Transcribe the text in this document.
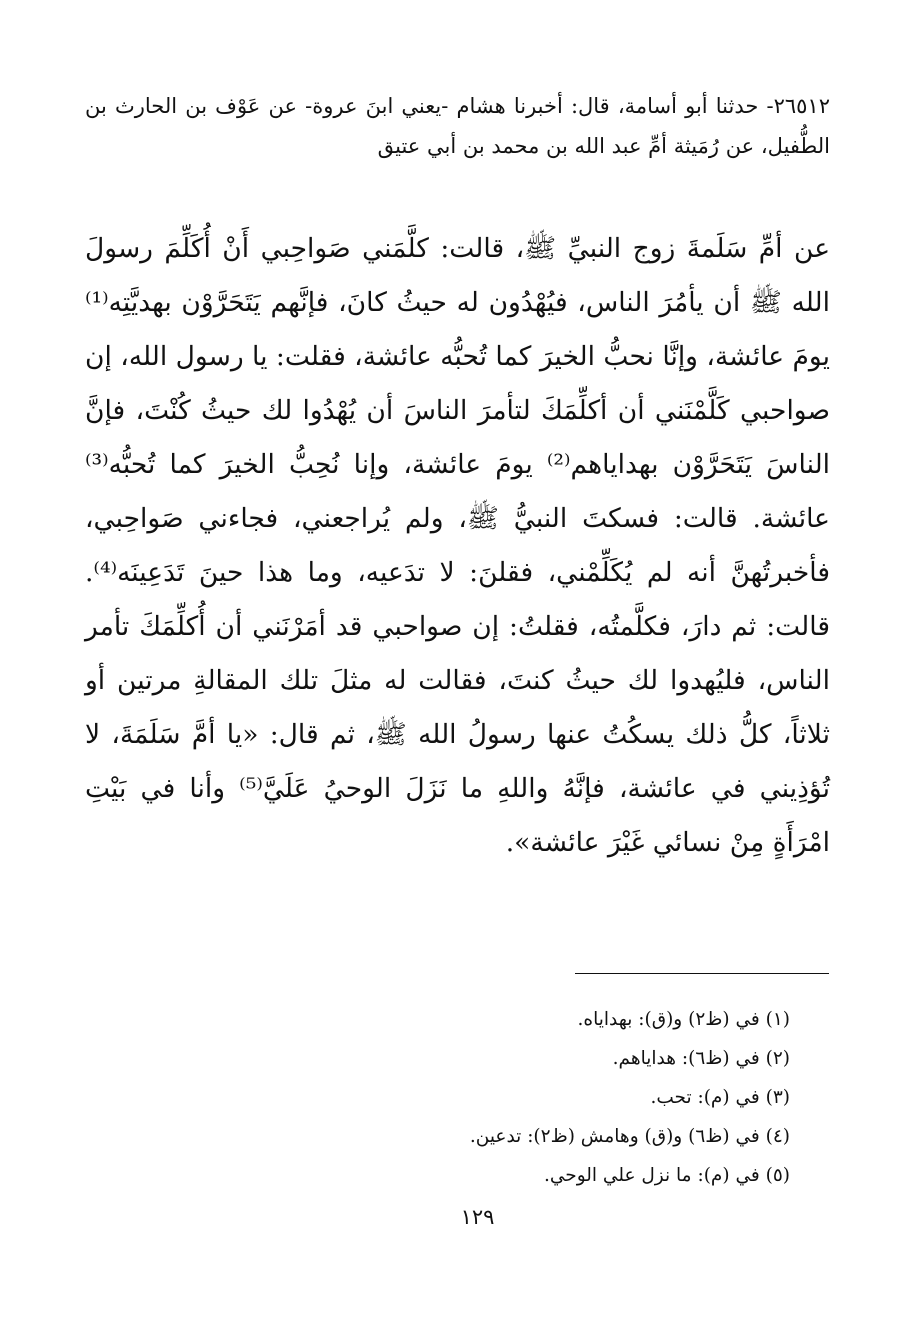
٢٦٥١٢- حدثنا أبو أسامة، قال: أخبرنا هشام -يعني ابنَ عروة- عن عَوْف بن الحارث بن الطُّفيل، عن رُمَيثة أمِّ عبد الله بن محمد بن أبي عتيق

عن أمِّ سَلَمةَ زوج النبيِّ ﷺ، قالت: كلَّمَني صَواحِبي أَنْ أُكَلِّمَ رسولَ الله ﷺ أن يأمُرَ الناس، فيُهْدُون له حيثُ كانَ، فإنَّهم يَتَحَرَّوْن بهديَّتِه⁽¹⁾ يومَ عائشة، وإنَّا نحبُّ الخيرَ كما تُحبُّه عائشة، فقلت: يا رسول الله، إن صواحبي كَلَّمْنَني أن أكلِّمَكَ لتأمرَ الناسَ أن يُهْدُوا لك حيثُ كُنْتَ، فإنَّ الناسَ يَتَحَرَّوْن بهداياهم⁽²⁾ يومَ عائشة، وإنا نُحِبُّ الخيرَ كما تُحبُّه⁽³⁾ عائشة. قالت: فسكتَ النبيُّ ﷺ، ولم يُراجعني، فجاءني صَواحِبي، فأخبرتُهنَّ أنه لم يُكَلِّمْني، فقلنَ: لا تدَعيه، وما هذا حينَ تَدَعِينَه⁽⁴⁾. قالت: ثم دارَ، فكلَّمتُه، فقلتُ: إن صواحبي قد أمَرْنَني أن أُكلِّمَكَ تأمر الناس، فليُهدوا لك حيثُ كنتَ، فقالت له مثلَ تلك المقالةِ مرتين أو ثلاثاً، كلُّ ذلك يسكُتُ عنها رسولُ الله ﷺ، ثم قال: «يا أمَّ سَلَمَةَ، لا تُؤذِيني في عائشة، فإنَّهُ واللهِ ما نَزَلَ الوحيُ عَلَيَّ⁽⁵⁾ وأنا في بَيْتِ امْرَأَةٍ مِنْ نسائي غَيْرَ عائشة».

(١) في (ظ٢) و(ق): بهداياه.

(٢) في (ظ٦): هداياهم.

(٣) في (م): تحب.

(٤) في (ظ٦) و(ق) وهامش (ظ٢): تدعين.

(٥) في (م): ما نزل علي الوحي.

١٢٩
